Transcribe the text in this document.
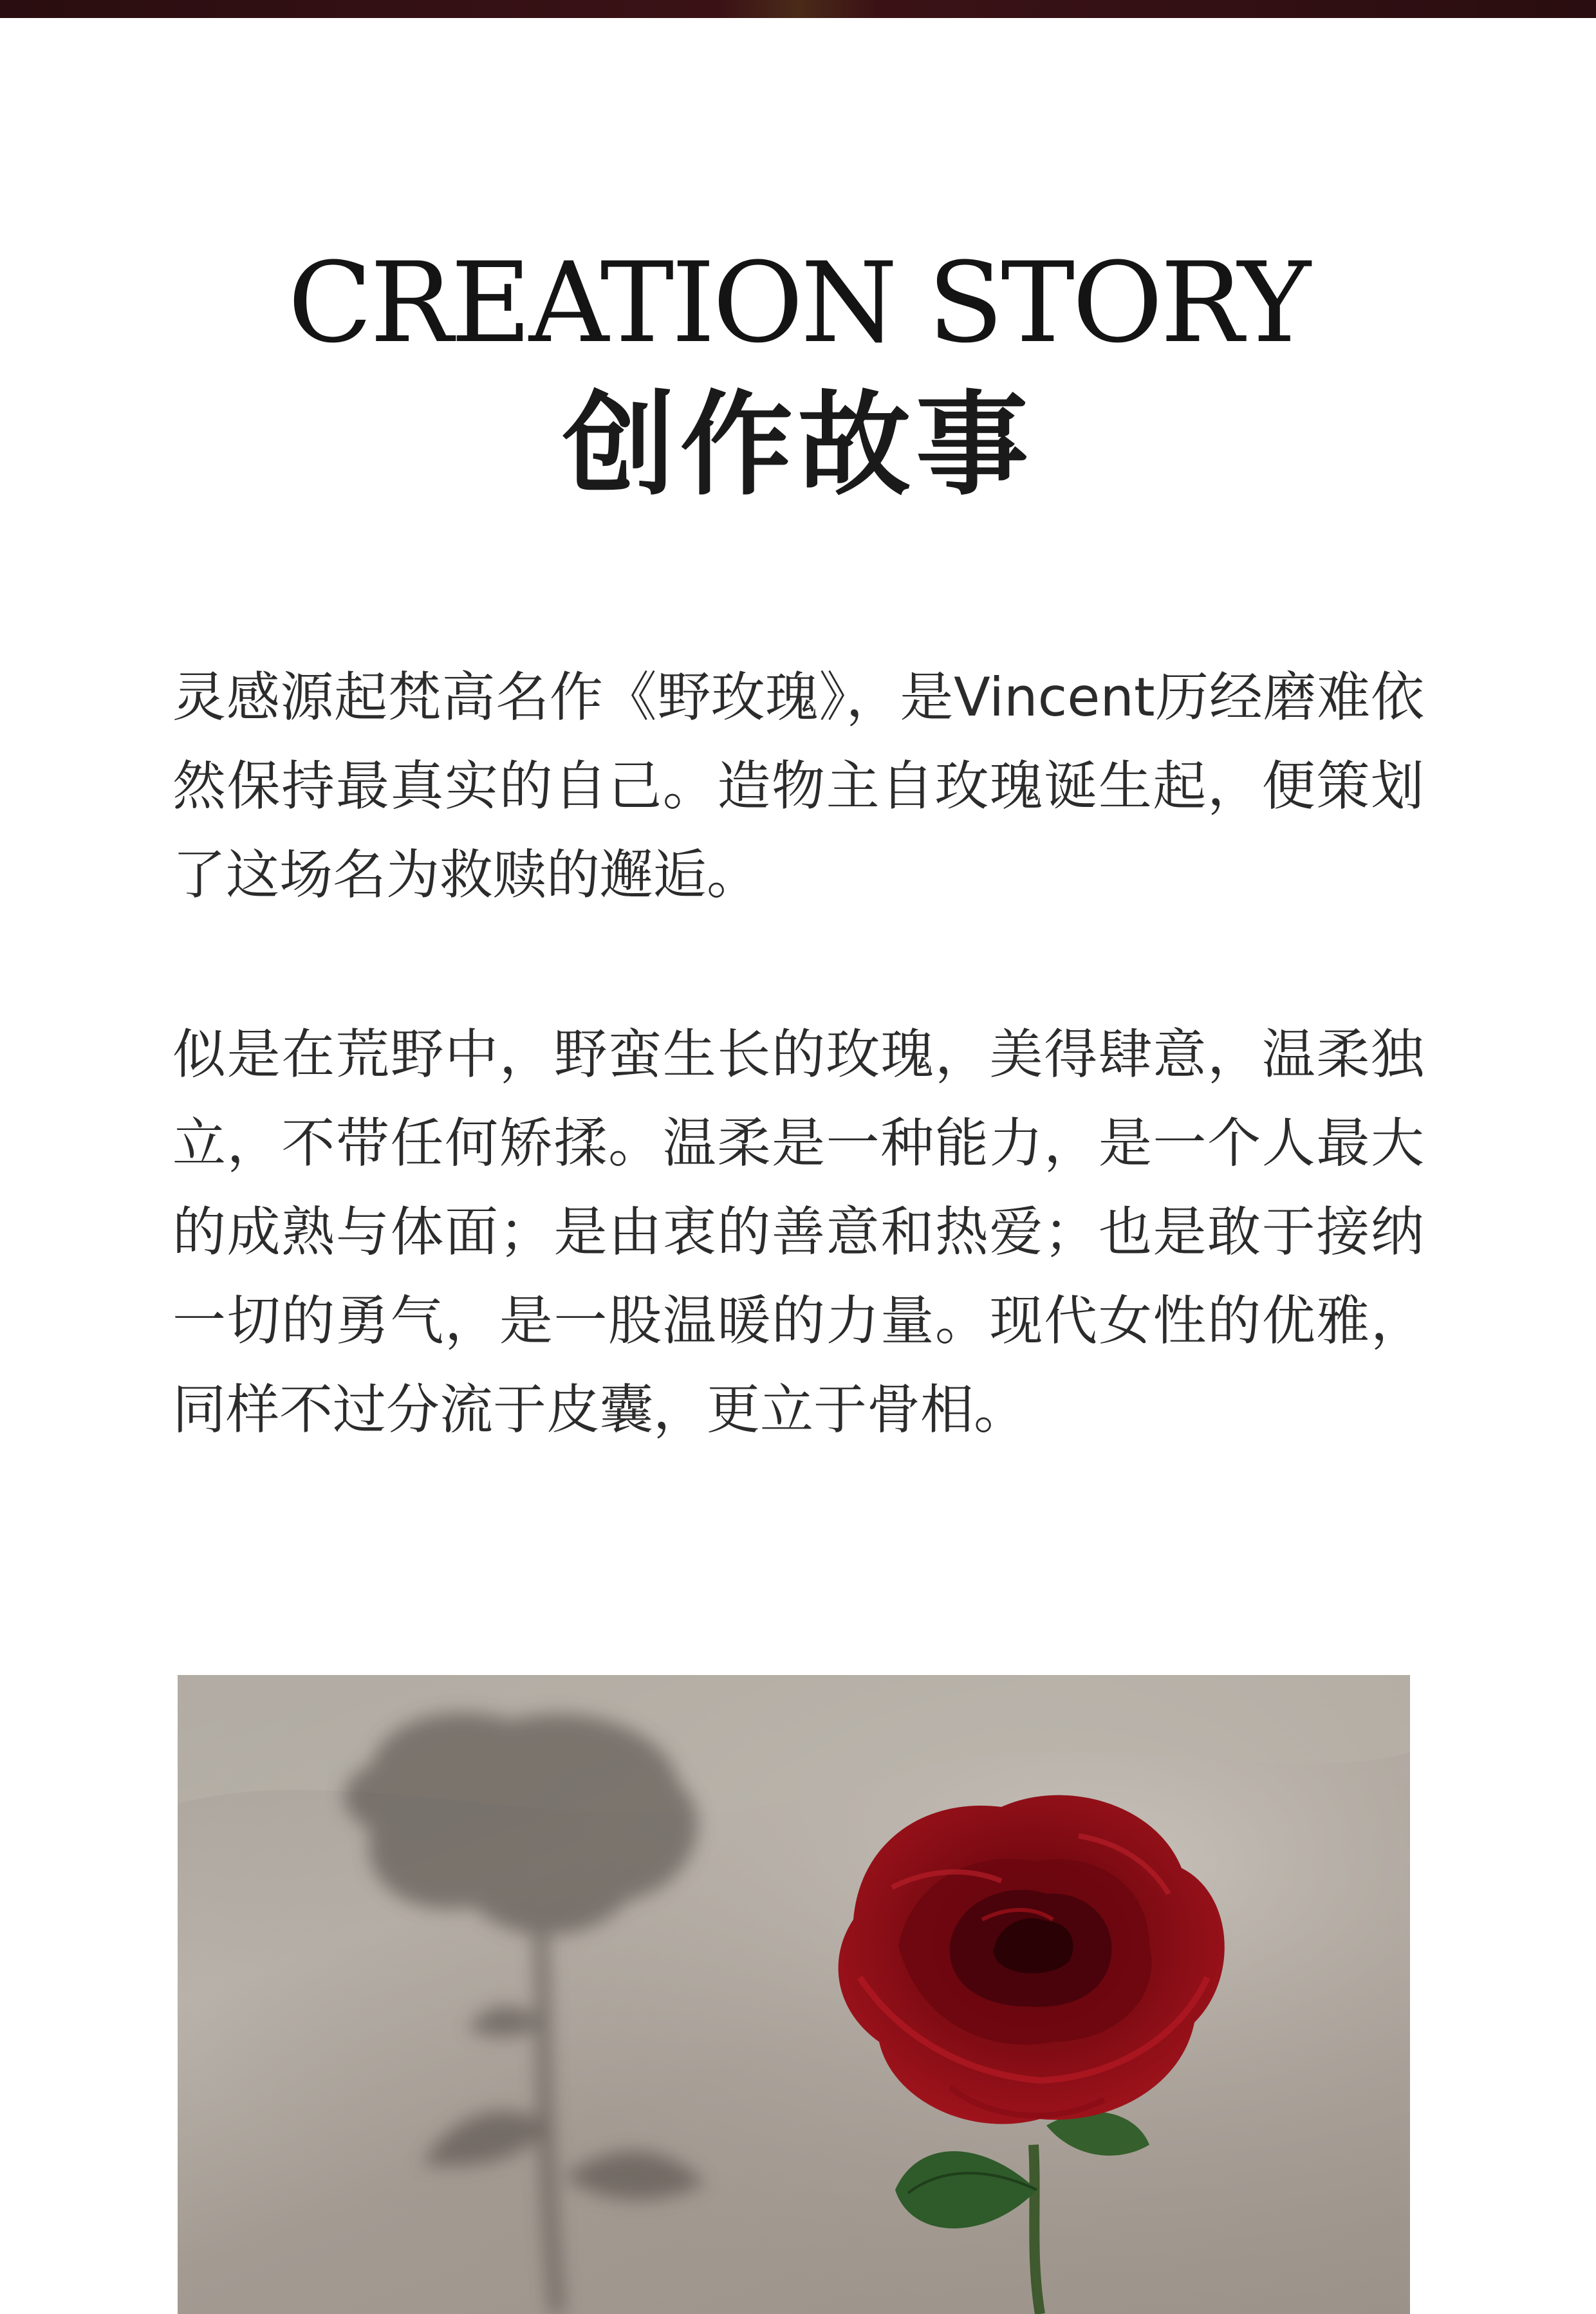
CREATION STORY
创作故事

灵感源起梵高名作《野玫瑰》，是Vincent历经磨难依然保持最真实的自己。造物主自玫瑰诞生起，便策划了这场名为救赎的邂逅。

似是在荒野中，野蛮生长的玫瑰，美得肆意，温柔独立，不带任何矫揉。温柔是一种能力，是一个人最大的成熟与体面；是由衷的善意和热爱；也是敢于接纳一切的勇气，是一股温暖的力量。现代女性的优雅，同样不过分流于皮囊，更立于骨相。
